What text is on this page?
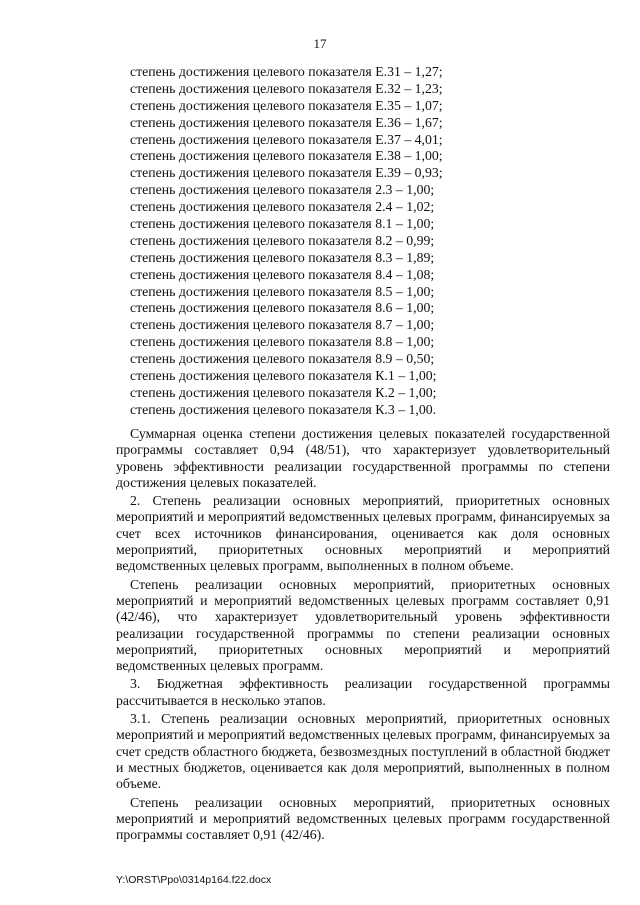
17
степень достижения целевого показателя Е.31 – 1,27;
степень достижения целевого показателя Е.32 – 1,23;
степень достижения целевого показателя Е.35 – 1,07;
степень достижения целевого показателя Е.36 – 1,67;
степень достижения целевого показателя Е.37 – 4,01;
степень достижения целевого показателя Е.38 – 1,00;
степень достижения целевого показателя Е.39 – 0,93;
степень достижения целевого показателя 2.3 – 1,00;
степень достижения целевого показателя 2.4 – 1,02;
степень достижения целевого показателя 8.1 – 1,00;
степень достижения целевого показателя 8.2 – 0,99;
степень достижения целевого показателя 8.3 – 1,89;
степень достижения целевого показателя 8.4 – 1,08;
степень достижения целевого показателя 8.5 – 1,00;
степень достижения целевого показателя 8.6 – 1,00;
степень достижения целевого показателя 8.7 – 1,00;
степень достижения целевого показателя 8.8 – 1,00;
степень достижения целевого показателя 8.9 – 0,50;
степень достижения целевого показателя К.1 – 1,00;
степень достижения целевого показателя К.2 – 1,00;
степень достижения целевого показателя К.3 – 1,00.

Суммарная оценка степени достижения целевых показателей государственной программы составляет 0,94 (48/51), что характеризует удовлетворительный уровень эффективности реализации государственной программы по степени достижения целевых показателей.

2. Степень реализации основных мероприятий, приоритетных основных мероприятий и мероприятий ведомственных целевых программ, финансируемых за счет всех источников финансирования, оценивается как доля основных мероприятий, приоритетных основных мероприятий и мероприятий ведомственных целевых программ, выполненных в полном объеме.

Степень реализации основных мероприятий, приоритетных основных мероприятий и мероприятий ведомственных целевых программ составляет 0,91 (42/46), что характеризует удовлетворительный уровень эффективности реализации государственной программы по степени реализации основных мероприятий, приоритетных основных мероприятий и мероприятий ведомственных целевых программ.

3. Бюджетная эффективность реализации государственной программы рассчитывается в несколько этапов.

3.1. Степень реализации основных мероприятий, приоритетных основных мероприятий и мероприятий ведомственных целевых программ, финансируемых за счет средств областного бюджета, безвозмездных поступлений в областной бюджет и местных бюджетов, оценивается как доля мероприятий, выполненных в полном объеме.

Степень реализации основных мероприятий, приоритетных основных мероприятий и мероприятий ведомственных целевых программ государственной программы составляет 0,91 (42/46).

Y:\ORST\Ppo\0314p164.f22.docx
